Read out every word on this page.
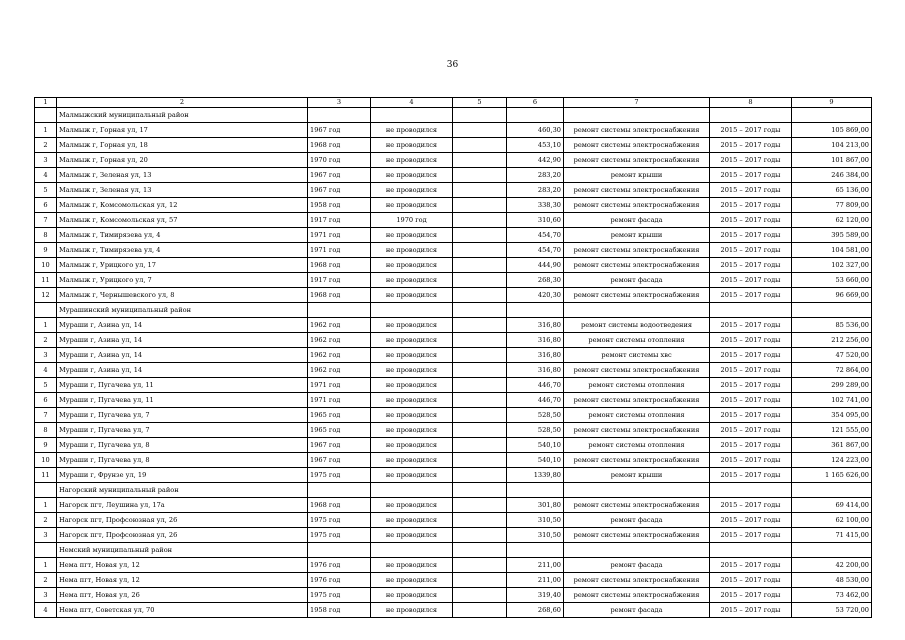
36
1	2	3	4	5	6	7	8	9
	Малмыжский муниципальный район							
1	Малмыж г, Горная ул, 17	1967 год	не проводился		460,30	ремонт системы электроснабжения	2015 – 2017 годы	105 869,00
2	Малмыж г, Горная ул, 18	1968 год	не проводился		453,10	ремонт системы электроснабжения	2015 – 2017 годы	104 213,00
3	Малмыж г, Горная ул, 20	1970 год	не проводился		442,90	ремонт системы электроснабжения	2015 – 2017 годы	101 867,00
4	Малмыж г, Зеленая ул, 13	1967 год	не проводился		283,20	ремонт крыши	2015 – 2017 годы	246 384,00
5	Малмыж г, Зеленая ул, 13	1967 год	не проводился		283,20	ремонт системы электроснабжения	2015 – 2017 годы	65 136,00
6	Малмыж г, Комсомольская ул, 12	1958 год	не проводился		338,30	ремонт системы электроснабжения	2015 – 2017 годы	77 809,00
7	Малмыж г, Комсомольская ул, 57	1917 год	1970 год		310,60	ремонт фасада	2015 – 2017 годы	62 120,00
8	Малмыж г, Тимирязева ул, 4	1971 год	не проводился		454,70	ремонт крыши	2015 – 2017 годы	395 589,00
9	Малмыж г, Тимирязева ул, 4	1971 год	не проводился		454,70	ремонт системы электроснабжения	2015 – 2017 годы	104 581,00
10	Малмыж г, Урицкого ул, 17	1968 год	не проводился		444,90	ремонт системы электроснабжения	2015 – 2017 годы	102 327,00
11	Малмыж г, Урицкого ул, 7	1917 год	не проводился		268,30	ремонт фасада	2015 – 2017 годы	53 660,00
12	Малмыж г, Чернышевского ул, 8	1968 год	не проводился		420,30	ремонт системы электроснабжения	2015 – 2017 годы	96 669,00
	Мурашинский муниципальный район							
1	Мураши г, Азина ул, 14	1962 год	не проводился		316,80	ремонт системы водоотведения	2015 – 2017 годы	85 536,00
2	Мураши г, Азина ул, 14	1962 год	не проводился		316,80	ремонт системы отопления	2015 – 2017 годы	212 256,00
3	Мураши г, Азина ул, 14	1962 год	не проводился		316,80	ремонт системы хвс	2015 – 2017 годы	47 520,00
4	Мураши г, Азина ул, 14	1962 год	не проводился		316,80	ремонт системы электроснабжения	2015 – 2017 годы	72 864,00
5	Мураши г, Пугачева ул, 11	1971 год	не проводился		446,70	ремонт системы отопления	2015 – 2017 годы	299 289,00
6	Мураши г, Пугачева ул, 11	1971 год	не проводился		446,70	ремонт системы электроснабжения	2015 – 2017 годы	102 741,00
7	Мураши г, Пугачева ул, 7	1965 год	не проводился		528,50	ремонт системы отопления	2015 – 2017 годы	354 095,00
8	Мураши г, Пугачева ул, 7	1965 год	не проводился		528,50	ремонт системы электроснабжения	2015 – 2017 годы	121 555,00
9	Мураши г, Пугачева ул, 8	1967 год	не проводился		540,10	ремонт системы отопления	2015 – 2017 годы	361 867,00
10	Мураши г, Пугачева ул, 8	1967 год	не проводился		540,10	ремонт системы электроснабжения	2015 – 2017 годы	124 223,00
11	Мураши г, Фрунзе ул, 19	1975 год	не проводился		1339,80	ремонт крыши	2015 – 2017 годы	1 165 626,00
	Нагорский муниципальный район							
1	Нагорск пгт, Леушина ул, 17а	1968 год	не проводился		301,80	ремонт системы электроснабжения	2015 – 2017 годы	69 414,00
2	Нагорск пгт, Профсоюзная ул, 26	1975 год	не проводился		310,50	ремонт фасада	2015 – 2017 годы	62 100,00
3	Нагорск пгт, Профсоюзная ул, 26	1975 год	не проводился		310,50	ремонт системы электроснабжения	2015 – 2017 годы	71 415,00
	Немский муниципальный район							
1	Нема пгт, Новая ул, 12	1976 год	не проводился		211,00	ремонт фасада	2015 – 2017 годы	42 200,00
2	Нема пгт, Новая ул, 12	1976 год	не проводился		211,00	ремонт системы электроснабжения	2015 – 2017 годы	48 530,00
3	Нема пгт, Новая ул, 26	1975 год	не проводился		319,40	ремонт системы электроснабжения	2015 – 2017 годы	73 462,00
4	Нема пгт, Советская ул, 70	1958 год	не проводился		268,60	ремонт фасада	2015 – 2017 годы	53 720,00
